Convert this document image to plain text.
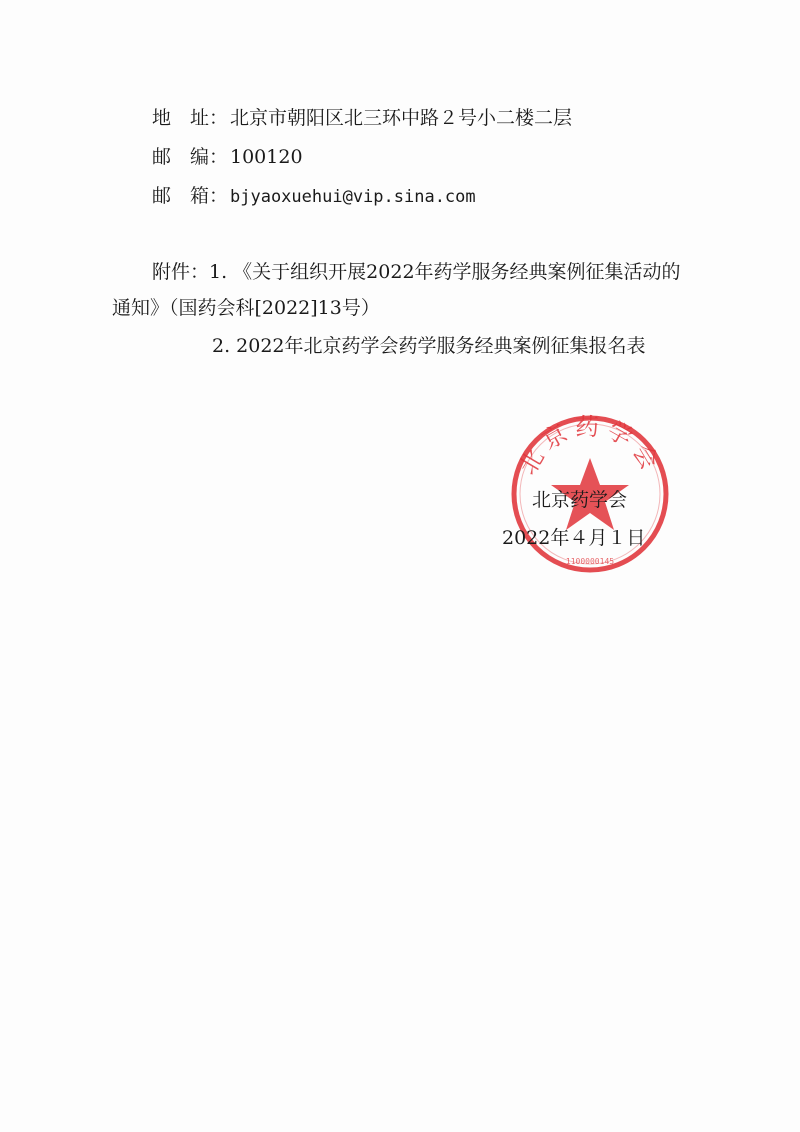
地　址： 北京市朝阳区北三环中路２号小二楼二层
邮　编： 100120
邮　箱： bjyaoxuehui@vip.sina.com
附件：1. 《关于组织开展2022年药学服务经典案例征集活动的
通知》（国药会科[2022]13号）
2. 2022年北京药学会药学服务经典案例征集报名表
北京药学会
1100000145
北京药学会
2022年４月１日
